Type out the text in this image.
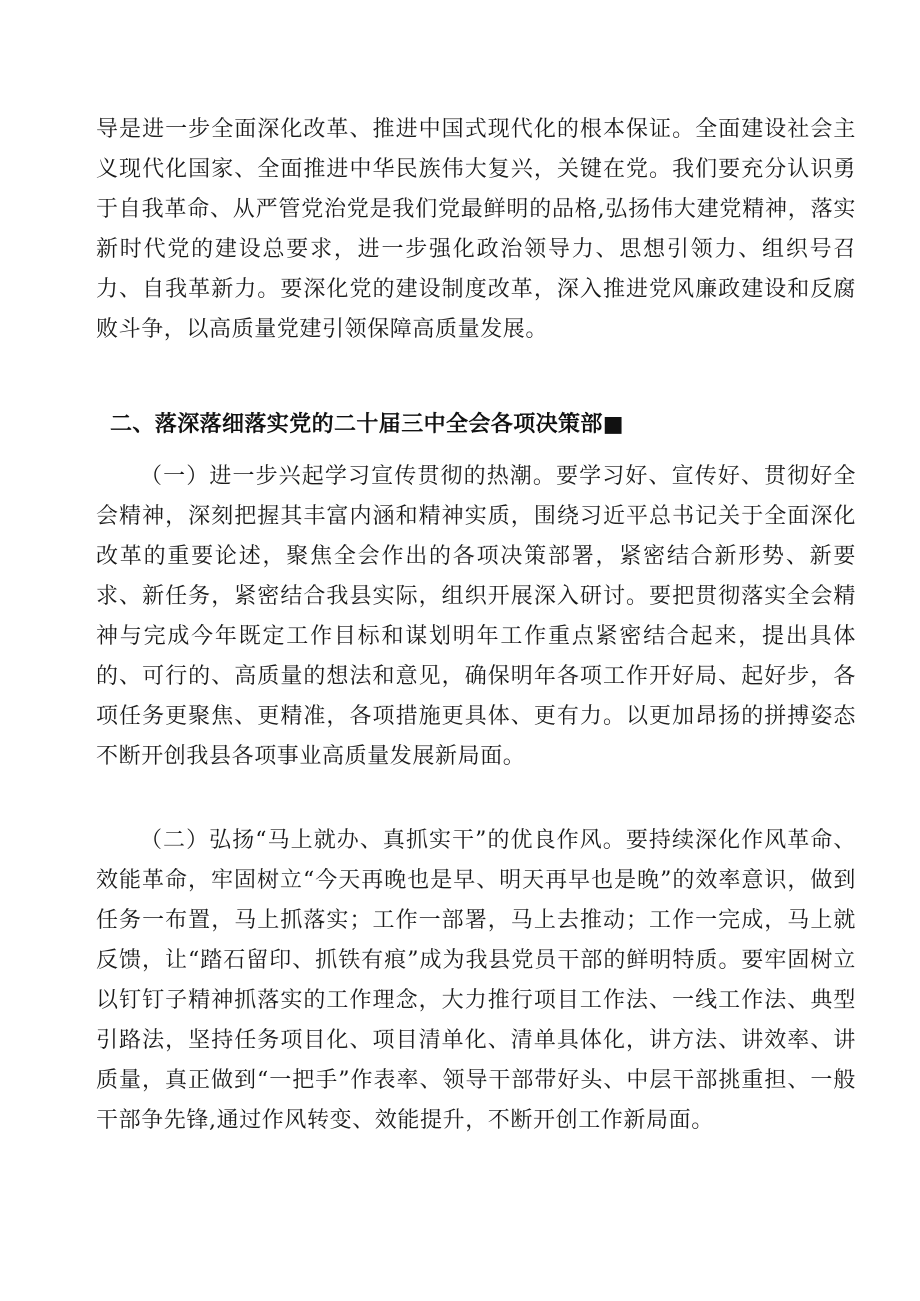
导是进一步全面深化改革、推进中国式现代化的根本保证。全面建设社会主义现代化国家、全面推进中华民族伟大复兴，关键在党。我们要充分认识勇于自我革命、从严管党治党是我们党最鲜明的品格,弘扬伟大建党精神，落实新时代党的建设总要求，进一步强化政治领导力、思想引领力、组织号召力、自我革新力。要深化党的建设制度改革，深入推进党风廉政建设和反腐败斗争，以高质量党建引领保障高质量发展。

二、落深落细落实党的二十届三中全会各项决策部■

（一）进一步兴起学习宣传贯彻的热潮。要学习好、宣传好、贯彻好全会精神，深刻把握其丰富内涵和精神实质，围绕习近平总书记关于全面深化改革的重要论述，聚焦全会作出的各项决策部署，紧密结合新形势、新要求、新任务，紧密结合我县实际，组织开展深入研讨。要把贯彻落实全会精神与完成今年既定工作目标和谋划明年工作重点紧密结合起来，提出具体的、可行的、高质量的想法和意见，确保明年各项工作开好局、起好步，各项任务更聚焦、更精准，各项措施更具体、更有力。以更加昂扬的拼搏姿态不断开创我县各项事业高质量发展新局面。

（二）弘扬“马上就办、真抓实干”的优良作风。要持续深化作风革命、效能革命，牢固树立“今天再晚也是早、明天再早也是晚”的效率意识，做到任务一布置，马上抓落实；工作一部署，马上去推动；工作一完成，马上就反馈，让“踏石留印、抓铁有痕”成为我县党员干部的鲜明特质。要牢固树立以钉钉子精神抓落实的工作理念，大力推行项目工作法、一线工作法、典型引路法，坚持任务项目化、项目清单化、清单具体化，讲方法、讲效率、讲质量，真正做到“一把手”作表率、领导干部带好头、中层干部挑重担、一般干部争先锋,通过作风转变、效能提升，不断开创工作新局面。
